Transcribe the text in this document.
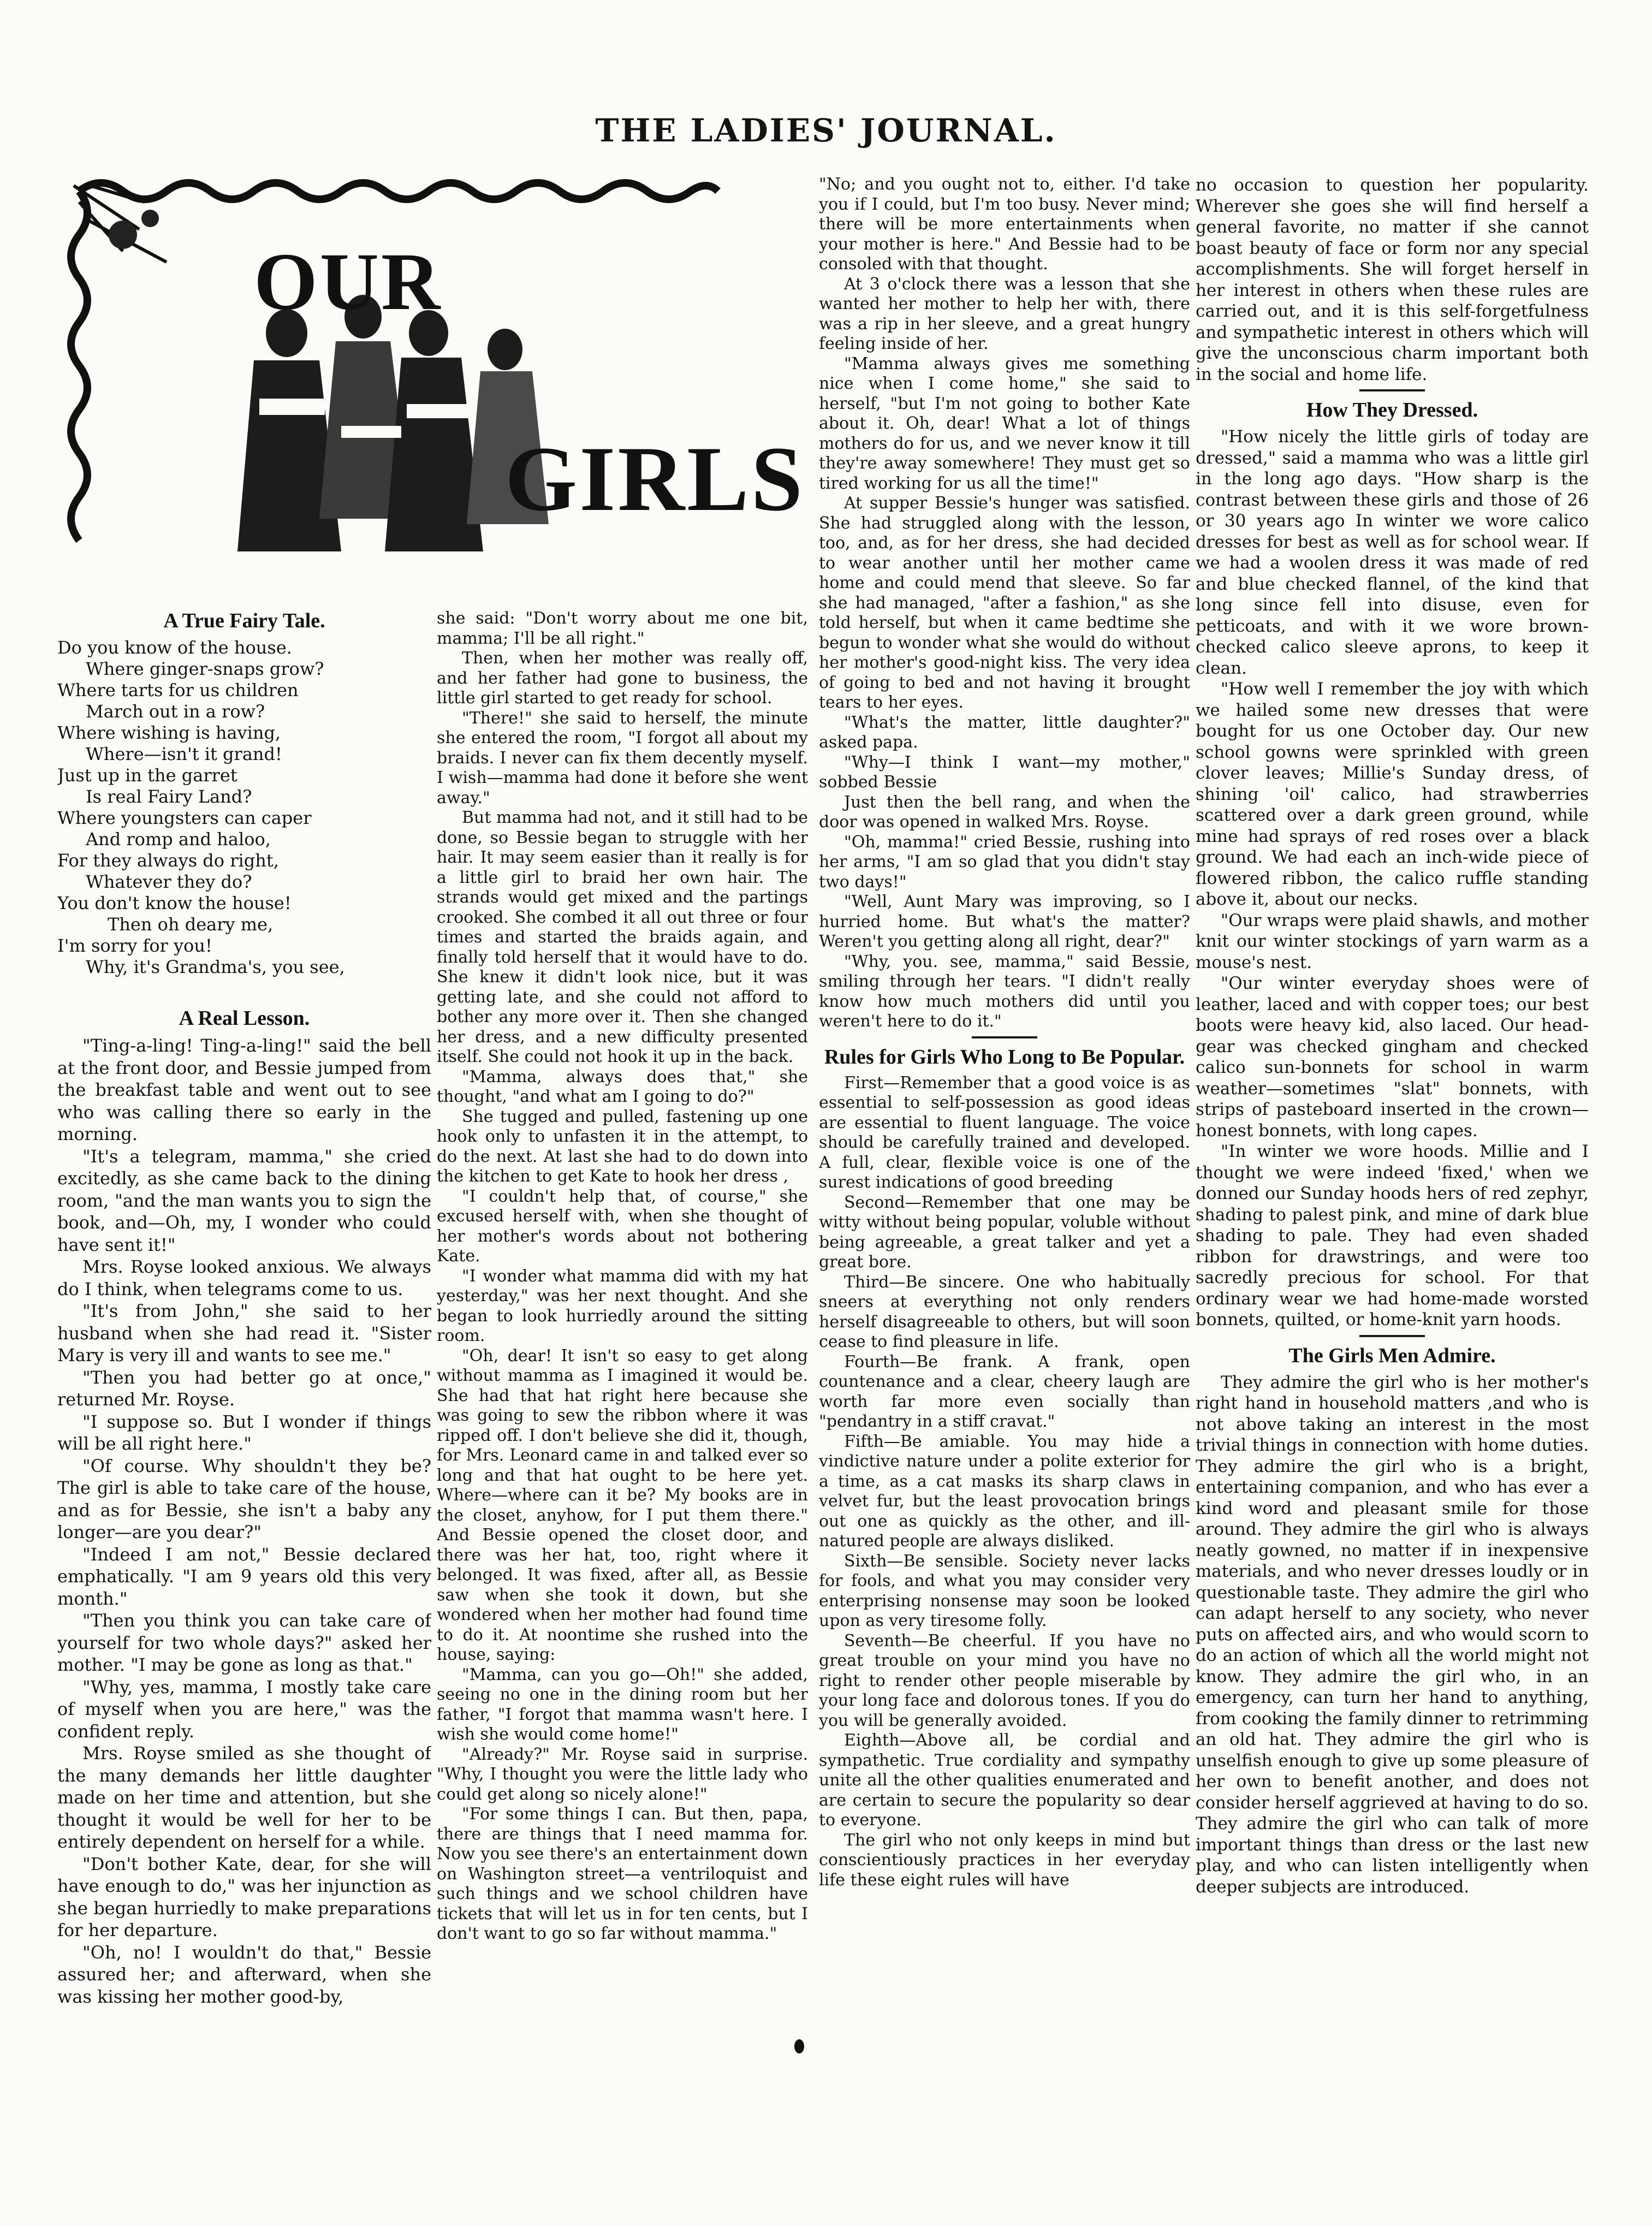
THE LADIES' JOURNAL.
OUR
GIRLS
A True Fairy Tale.
Do you know of the house.
Where ginger-snaps grow?
Where tarts for us children
March out in a row?
Where wishing is having,
Where—isn't it grand!
Just up in the garret
Is real Fairy Land?
Where youngsters can caper
And romp and haloo,
For they always do right,
Whatever they do?
You don't know the house!
Then oh deary me,
I'm sorry for you!
Why, it's Grandma's, you see,
A Real Lesson.

"Ting-a-ling! Ting-a-ling!" said the bell at the front door, and Bessie jumped from the breakfast table and went out to see who was calling there so early in the morning.

"It's a telegram, mamma," she cried excitedly, as she came back to the dining room, "and the man wants you to sign the book, and—Oh, my, I wonder who could have sent it!"

Mrs. Royse looked anxious. We always do I think, when telegrams come to us.

"It's from John," she said to her husband when she had read it. "Sister Mary is very ill and wants to see me."

"Then you had better go at once," returned Mr. Royse.

"I suppose so. But I wonder if things will be all right here."

"Of course. Why shouldn't they be? The girl is able to take care of the house, and as for Bessie, she isn't a baby any longer—are you dear?"

"Indeed I am not," Bessie declared emphatically. "I am 9 years old this very month."

"Then you think you can take care of yourself for two whole days?" asked her mother. "I may be gone as long as that."

"Why, yes, mamma, I mostly take care of myself when you are here," was the confident reply.

Mrs. Royse smiled as she thought of the many demands her little daughter made on her time and attention, but she thought it would be well for her to be entirely dependent on herself for a while.

"Don't bother Kate, dear, for she will have enough to do," was her injunction as she began hurriedly to make preparations for her departure.

"Oh, no! I wouldn't do that," Bessie assured her; and afterward, when she was kissing her mother good-by,

she said: "Don't worry about me one bit, mamma; I'll be all right."

Then, when her mother was really off, and her father had gone to business, the little girl started to get ready for school.

"There!" she said to herself, the minute she entered the room, "I forgot all about my braids. I never can fix them decently myself. I wish—mamma had done it before she went away."

But mamma had not, and it still had to be done, so Bessie began to struggle with her hair. It may seem easier than it really is for a little girl to braid her own hair. The strands would get mixed and the partings crooked. She combed it all out three or four times and started the braids again, and finally told herself that it would have to do. She knew it didn't look nice, but it was getting late, and she could not afford to bother any more over it. Then she changed her dress, and a new difficulty presented itself. She could not hook it up in the back.

"Mamma, always does that," she thought, "and what am I going to do?"

She tugged and pulled, fastening up one hook only to unfasten it in the attempt, to do the next. At last she had to do down into the kitchen to get Kate to hook her dress ,

"I couldn't help that, of course," she excused herself with, when she thought of her mother's words about not bothering Kate.

"I wonder what mamma did with my hat yesterday," was her next thought. And she began to look hurriedly around the sitting room.

"Oh, dear! It isn't so easy to get along without mamma as I imagined it would be. She had that hat right here because she was going to sew the ribbon where it was ripped off. I don't believe she did it, though, for Mrs. Leonard came in and talked ever so long and that hat ought to be here yet. Where—where can it be? My books are in the closet, anyhow, for I put them there." And Bessie opened the closet door, and there was her hat, too, right where it belonged. It was fixed, after all, as Bessie saw when she took it down, but she wondered when her mother had found time to do it. At noontime she rushed into the house, saying:

"Mamma, can you go—Oh!" she added, seeing no one in the dining room but her father, "I forgot that mamma wasn't here. I wish she would come home!"

"Already?" Mr. Royse said in surprise. "Why, I thought you were the little lady who could get along so nicely alone!"

"For some things I can. But then, papa, there are things that I need mamma for. Now you see there's an entertainment down on Washington street—a ventriloquist and such things and we school children have tickets that will let us in for ten cents, but I don't want to go so far without mamma."

"No; and you ought not to, either. I'd take you if I could, but I'm too busy. Never mind; there will be more entertainments when your mother is here." And Bessie had to be consoled with that thought.

At 3 o'clock there was a lesson that she wanted her mother to help her with, there was a rip in her sleeve, and a great hungry feeling inside of her.

"Mamma always gives me something nice when I come home," she said to herself, "but I'm not going to bother Kate about it. Oh, dear! What a lot of things mothers do for us, and we never know it till they're away somewhere! They must get so tired working for us all the time!"

At supper Bessie's hunger was satisfied. She had struggled along with the lesson, too, and, as for her dress, she had decided to wear another until her mother came home and could mend that sleeve. So far she had managed, "after a fashion," as she told herself, but when it came bedtime she begun to wonder what she would do without her mother's good-night kiss. The very idea of going to bed and not having it brought tears to her eyes.

"What's the matter, little daughter?" asked papa.

"Why—I think I want—my mother," sobbed Bessie

Just then the bell rang, and when the door was opened in walked Mrs. Royse.

"Oh, mamma!" cried Bessie, rushing into her arms, "I am so glad that you didn't stay two days!"

"Well, Aunt Mary was improving, so I hurried home. But what's the matter? Weren't you getting along all right, dear?"

"Why, you. see, mamma," said Bessie, smiling through her tears. "I didn't really know how much mothers did until you weren't here to do it."

Rules for Girls Who Long to Be Popular.

First—Remember that a good voice is as essential to self-possession as good ideas are essential to fluent language. The voice should be carefully trained and developed. A full, clear, flexible voice is one of the surest indications of good breeding

Second—Remember that one may be witty without being popular, voluble without being agreeable, a great talker and yet a great bore.

Third—Be sincere. One who habitually sneers at everything not only renders herself disagreeable to others, but will soon cease to find pleasure in life.

Fourth—Be frank. A frank, open countenance and a clear, cheery laugh are worth far more even socially than "pendantry in a stiff cravat."

Fifth—Be amiable. You may hide a vindictive nature under a polite exterior for a time, as a cat masks its sharp claws in velvet fur, but the least provocation brings out one as quickly as the other, and ill-natured people are always disliked.

Sixth—Be sensible. Society never lacks for fools, and what you may consider very enterprising nonsense may soon be looked upon as very tiresome folly.

Seventh—Be cheerful. If you have no great trouble on your mind you have no right to render other people miserable by your long face and dolorous tones. If you do you will be generally avoided.

Eighth—Above all, be cordial and sympathetic. True cordiality and sympathy unite all the other qualities enumerated and are certain to secure the popularity so dear to everyone.

The girl who not only keeps in mind but conscientiously practices in her everyday life these eight rules will have

no occasion to question her popularity. Wherever she goes she will find herself a general favorite, no matter if she cannot boast beauty of face or form nor any special accomplishments. She will forget herself in her interest in others when these rules are carried out, and it is this self-forgetfulness and sympathetic interest in others which will give the unconscious charm important both in the social and home life.

How They Dressed.

"How nicely the little girls of today are dressed," said a mamma who was a little girl in the long ago days. "How sharp is the contrast between these girls and those of 26 or 30 years ago In winter we wore calico dresses for best as well as for school wear. If we had a woolen dress it was made of red and blue checked flannel, of the kind that long since fell into disuse, even for petticoats, and with it we wore brown-checked calico sleeve aprons, to keep it clean.

"How well I remember the joy with which we hailed some new dresses that were bought for us one October day. Our new school gowns were sprinkled with green clover leaves; Millie's Sunday dress, of shining 'oil' calico, had strawberries scattered over a dark green ground, while mine had sprays of red roses over a black ground. We had each an inch-wide piece of flowered ribbon, the calico ruffle standing above it, about our necks.

"Our wraps were plaid shawls, and mother knit our winter stockings of yarn warm as a mouse's nest.

"Our winter everyday shoes were of leather, laced and with copper toes; our best boots were heavy kid, also laced. Our head-gear was checked gingham and checked calico sun-bonnets for school in warm weather—sometimes "slat" bonnets, with strips of pasteboard inserted in the crown—honest bonnets, with long capes.

"In winter we wore hoods. Millie and I thought we were indeed 'fixed,' when we donned our Sunday hoods hers of red zephyr, shading to palest pink, and mine of dark blue shading to pale. They had even shaded ribbon for drawstrings, and were too sacredly precious for school. For that ordinary wear we had home-made worsted bonnets, quilted, or home-knit yarn hoods.

The Girls Men Admire.

They admire the girl who is her mother's right hand in household matters ,and who is not above taking an interest in the most trivial things in connection with home duties. They admire the girl who is a bright, entertaining companion, and who has ever a kind word and pleasant smile for those around. They admire the girl who is always neatly gowned, no matter if in inexpensive materials, and who never dresses loudly or in questionable taste. They admire the girl who can adapt herself to any society, who never puts on affected airs, and who would scorn to do an action of which all the world might not know. They admire the girl who, in an emergency, can turn her hand to anything, from cooking the family dinner to retrimming an old hat. They admire the girl who is unselfish enough to give up some pleasure of her own to benefit another, and does not consider herself aggrieved at having to do so. They admire the girl who can talk of more important things than dress or the last new play, and who can listen intelligently when deeper subjects are introduced.
